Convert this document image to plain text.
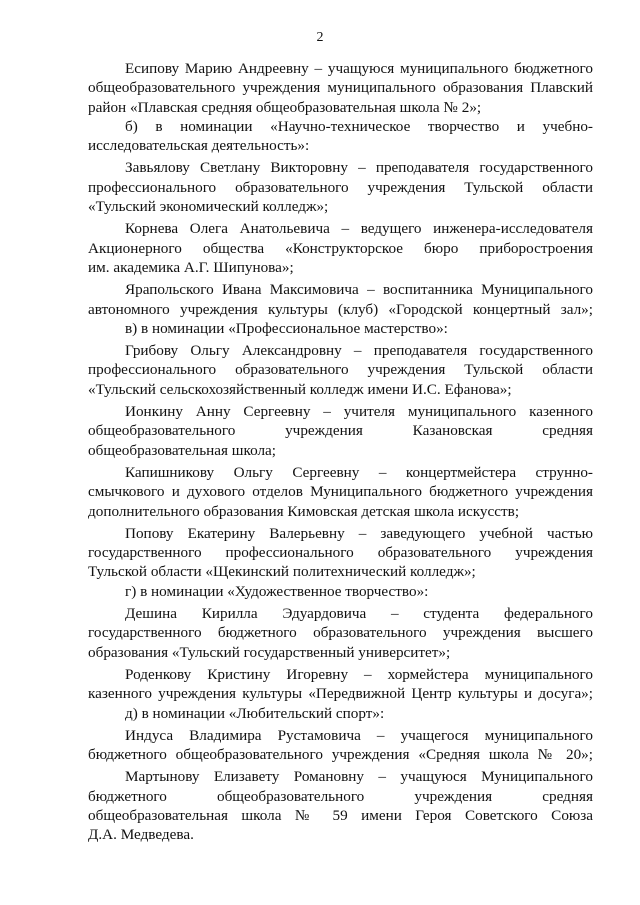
2
Есипову Марию Андреевну – учащуюся муниципального бюджетного
общеобразовательного учреждения муниципального образования Плавский
район «Плавская средняя общеобразовательная школа № 2»;
б) в номинации «Научно-техническое творчество и учебно-
исследовательская деятельность»:
Завьялову Светлану Викторовну – преподавателя государственного
профессионального образовательного учреждения Тульской области
«Тульский экономический колледж»;
Корнева Олега Анатольевича – ведущего инженера-исследователя
Акционерного общества «Конструкторское бюро приборостроения
им. академика А.Г. Шипунова»;
Ярапольского Ивана Максимовича – воспитанника Муниципального
автономного учреждения культуры (клуб) «Городской концертный зал»;
в) в номинации «Профессиональное мастерство»:
Грибову Ольгу Александровну – преподавателя государственного
профессионального образовательного учреждения Тульской области
«Тульский сельскохозяйственный колледж имени И.С. Ефанова»;
Ионкину Анну Сергеевну – учителя муниципального казенного
общеобразовательного учреждения Казановская средняя
общеобразовательная школа;
Капишникову Ольгу Сергеевну – концертмейстера струнно-
смычкового и духового отделов Муниципального бюджетного учреждения
дополнительного образования Кимовская детская школа искусств;
Попову Екатерину Валерьевну – заведующего учебной частью
государственного профессионального образовательного учреждения
Тульской области «Щекинский политехнический колледж»;
г) в номинации «Художественное творчество»:
Дешина Кирилла Эдуардовича – студента федерального
государственного бюджетного образовательного учреждения высшего
образования «Тульский государственный университет»;
Роденкову Кристину Игоревну – хормейстера муниципального
казенного учреждения культуры «Передвижной Центр культуры и досуга»;
д) в номинации «Любительский спорт»:
Индуса Владимира Рустамовича – учащегося муниципального
бюджетного общеобразовательного учреждения «Средняя школа № 20»;
Мартынову Елизавету Романовну – учащуюся Муниципального
бюджетного общеобразовательного учреждения средняя
общеобразовательная школа № 59 имени Героя Советского Союза
Д.А. Медведева.
